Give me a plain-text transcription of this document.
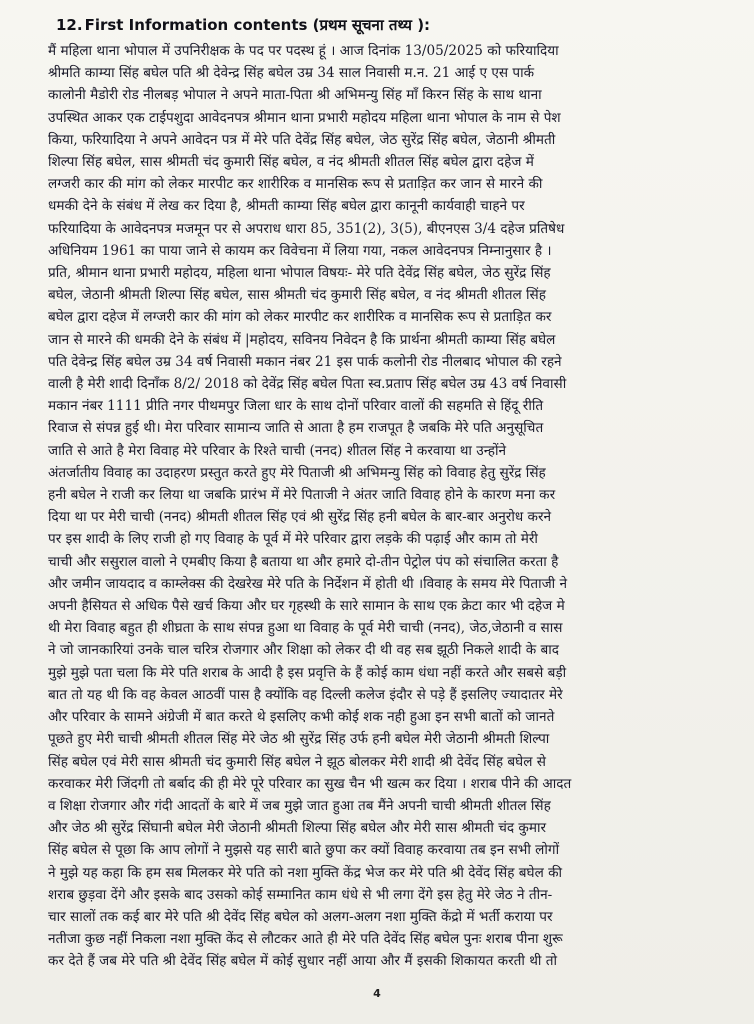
12. First Information contents (प्रथम सूचना तथ्य ):
मैं महिला थाना भोपाल में उपनिरीक्षक के पद पर पदस्थ हूं । आज दिनांक 13/05/2025 को फरियादिया
श्रीमति काम्या सिंह बघेल पति श्री देवेन्द्र सिंह बघेल उम्र 34 साल निवासी म.न. 21 आई ए एस पार्क
कालोनी मैडोरी रोड नीलबड़ भोपाल ने अपने माता-पिता श्री अभिमन्यु सिंह माँ किरन सिंह के साथ थाना
उपस्थित आकर एक टाईपशुदा आवेदनपत्र श्रीमान थाना प्रभारी महोदय महिला थाना भोपाल के नाम से पेश
किया, फरियादिया ने अपने आवेदन पत्र में मेरे पति देवेंद्र सिंह बघेल, जेठ सुरेंद्र सिंह बघेल, जेठानी श्रीमती
शिल्पा सिंह बघेल, सास श्रीमती चंद कुमारी सिंह बघेल, व नंद श्रीमती शीतल सिंह बघेल द्वारा दहेज में
लग्जरी कार की मांग को लेकर मारपीट कर शारीरिक व मानसिक रूप से प्रताड़ित कर जान से मारने की
धमकी देने के संबंध में लेख कर दिया है, श्रीमती काम्या सिंह बघेल द्वारा कानूनी कार्यवाही चाहने पर
फरियादिया के आवेदनपत्र मजमून पर से अपराध धारा 85, 351(2), 3(5), बीएनएस 3/4 दहेज प्रतिषेध
अधिनियम 1961 का पाया जाने से कायम कर विवेचना में लिया गया, नकल आवेदनपत्र निम्नानुसार है ।
प्रति, श्रीमान थाना प्रभारी महोदय, महिला थाना भोपाल विषयः- मेरे पति देवेंद्र सिंह बघेल, जेठ सुरेंद्र सिंह
बघेल, जेठानी श्रीमती शिल्पा सिंह बघेल, सास श्रीमती चंद कुमारी सिंह बघेल, व नंद श्रीमती शीतल सिंह
बघेल द्वारा दहेज में लग्जरी कार की मांग को लेकर मारपीट कर शारीरिक व मानसिक रूप से प्रताड़ित कर
जान से मारने की धमकी देने के संबंध में |महोदय, सविनय निवेदन है कि प्रार्थना श्रीमती काम्या सिंह बघेल
पति देवेन्द्र सिंह बघेल उम्र 34 वर्ष निवासी मकान नंबर 21 इस पार्क कलोनी रोड नीलबाद भोपाल की रहने
वाली है मेरी शादी दिनाँक 8/2/ 2018 को देवेंद्र सिंह बघेल पिता स्व.प्रताप सिंह बघेल उम्र 43 वर्ष निवासी
मकान नंबर 1111 प्रीति नगर पीथमपुर जिला धार के साथ दोनों परिवार वालों की सहमति से हिंदू रीति
रिवाज से संपन्न हुई थी। मेरा परिवार सामान्य जाति से आता है हम राजपूत है जबकि मेरे पति अनुसूचित
जाति से आते है मेरा विवाह मेरे परिवार के रिश्ते चाची (ननद) शीतल सिंह ने करवाया था उन्होंने
अंतर्जातीय विवाह का उदाहरण प्रस्तुत करते हुए मेरे पिताजी श्री अभिमन्यु सिंह को विवाह हेतु सुरेंद्र सिंह
हनी बघेल ने राजी कर लिया था जबकि प्रारंभ में मेरे पिताजी ने अंतर जाति विवाह होने के कारण मना कर
दिया था पर मेरी चाची (ननद) श्रीमती शीतल सिंह एवं श्री सुरेंद्र सिंह हनी बघेल के बार-बार अनुरोध करने
पर इस शादी के लिए राजी हो गए विवाह के पूर्व में मेरे परिवार द्वारा लड़के की पढ़ाई और काम तो मेरी
चाची और ससुराल वालो ने एमबीए किया है बताया था और हमारे दो-तीन पेट्रोल पंप को संचालित करता है
और जमीन जायदाद व काम्लेक्स की देखरेख मेरे पति के निर्देशन में होती थी ।विवाह के समय मेरे पिताजी ने
अपनी हैसियत से अधिक पैसे खर्च किया और घर गृहस्थी के सारे सामान के साथ एक क्रेटा कार भी दहेज मे
थी मेरा विवाह बहुत ही शीघ्रता के साथ संपन्न हुआ था विवाह के पूर्व मेरी चाची (ननद), जेठ,जेठानी व सास
ने जो जानकारियां उनके चाल चरित्र रोजगार और शिक्षा को लेकर दी थी वह सब झूठी निकले शादी के बाद
मुझे मुझे पता चला कि मेरे पति शराब के आदी है इस प्रवृत्ति के हैं कोई काम धंधा नहीं करते और सबसे बड़ी
बात तो यह थी कि वह केवल आठवीं पास है क्योंकि वह दिल्ली कलेज इंदौर से पड़े हैं इसलिए ज्यादातर मेरे
और परिवार के सामने अंग्रेजी में बात करते थे इसलिए कभी कोई शक नही हुआ इन सभी बातों को जानते
पूछते हुए मेरी चाची श्रीमती शीतल सिंह मेरे जेठ श्री सुरेंद्र सिंह उर्फ हनी बघेल मेरी जेठानी श्रीमती शिल्पा
सिंह बघेल एवं मेरी सास श्रीमती चंद कुमारी सिंह बघेल ने झूठ बोलकर मेरी शादी श्री देवेंद सिंह बघेल से
करवाकर मेरी जिंदगी तो बर्बाद की ही मेरे पूरे परिवार का सुख चैन भी खत्म कर दिया । शराब पीने की आदत
व शिक्षा रोजगार और गंदी आदतों के बारे में जब मुझे जात हुआ तब मैंने अपनी चाची श्रीमती शीतल सिंह
और जेठ श्री सुरेंद्र सिंघानी बघेल मेरी जेठानी श्रीमती शिल्पा सिंह बघेल और मेरी सास श्रीमती चंद कुमार
सिंह बघेल से पूछा कि आप लोगों ने मुझसे यह सारी बाते छुपा कर क्यों विवाह करवाया तब इन सभी लोगों
ने मुझे यह कहा कि हम सब मिलकर मेरे पति को नशा मुक्ति केंद्र भेज कर मेरे पति श्री देवेंद सिंह बघेल की
शराब छुड़वा देंगे और इसके बाद उसको कोई सम्मानित काम धंधे से भी लगा देंगे इस हेतु मेरे जेठ ने तीन-
चार सालों तक कई बार मेरे पति श्री देवेंद सिंह बघेल को अलग-अलग नशा मुक्ति केंद्रो में भर्ती कराया पर
नतीजा कुछ नहीं निकला नशा मुक्ति केंद से लौटकर आते ही मेरे पति देवेंद सिंह बघेल पुनः शराब पीना शुरू
कर देते हैं जब मेरे पति श्री देवेंद सिंह बघेल में कोई सुधार नहीं आया और मैं इसकी शिकायत करती थी तो
4
